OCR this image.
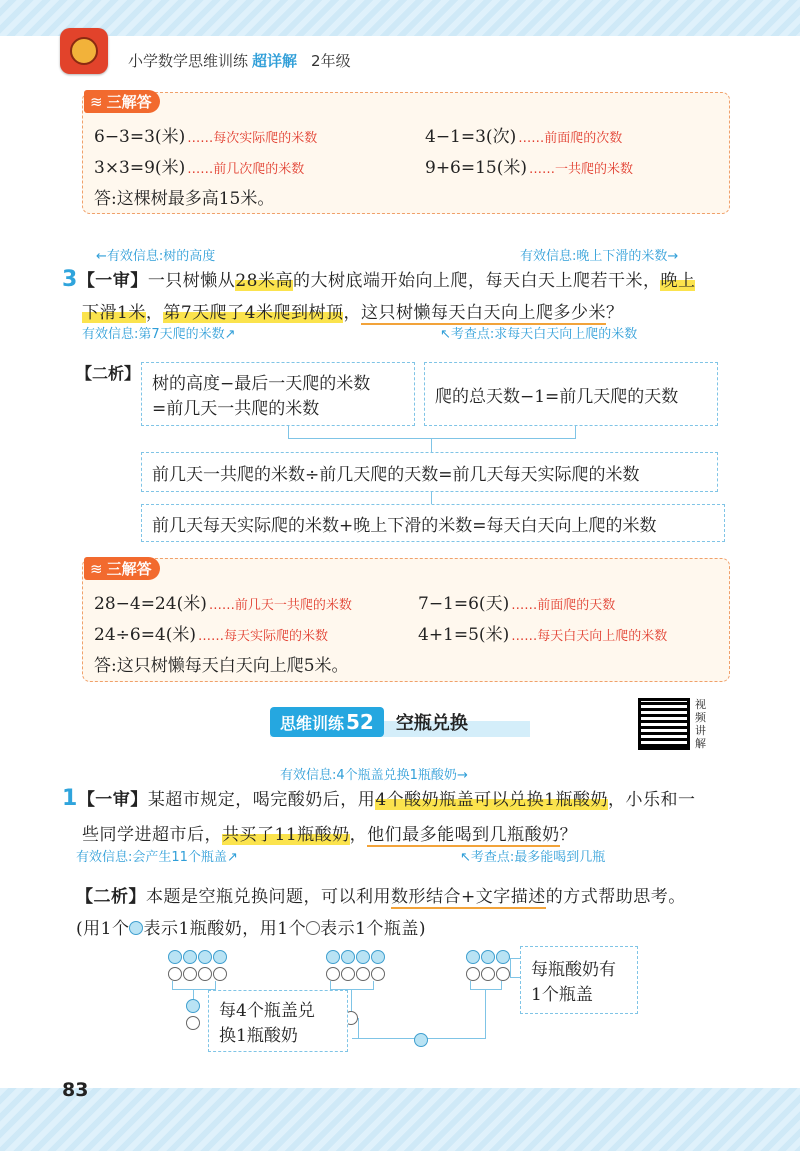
小学数学思维训练 超详解 2年级
≋ 三解答
6−3=3(米) ……每次实际爬的米数	4−1=3(次) ……前面爬的次数
3×3=9(米) ……前几次爬的米数	9+6=15(米) ……一共爬的米数
答:这棵树最多高15米。
←有效信息:树的高度	有效信息:晚上下滑的米数→
3【一审】一只树懒从28米高的大树底端开始向上爬，每天白天上爬若干米，晚上
下滑1米，第7天爬了4米爬到树顶，这只树懒每天白天向上爬多少米？
有效信息:第7天爬的米数↗	↖考查点:求每天白天向上爬的米数
【二析】
树的高度−最后一天爬的米数
=前几天一共爬的米数
爬的总天数−1=前几天爬的天数
前几天一共爬的米数÷前几天爬的天数=前几天每天实际爬的米数
前几天每天实际爬的米数+晚上下滑的米数=每天白天向上爬的米数
≋ 三解答
28−4=24(米) ……前几天一共爬的米数	7−1=6(天) ……前面爬的天数
24÷6=4(米) ……每天实际爬的米数	4+1=5(米) ……每天白天向上爬的米数
答:这只树懒每天白天向上爬5米。
思维训练 52	空瓶兑换
视频讲解
有效信息:4个瓶盖兑换1瓶酸奶→
1【一审】某超市规定，喝完酸奶后，用4个酸奶瓶盖可以兑换1瓶酸奶，小乐和一
些同学进超市后，共买了11瓶酸奶，他们最多能喝到几瓶酸奶？
有效信息:会产生11个瓶盖↗	↖考查点:最多能喝到几瓶
【二析】本题是空瓶兑换问题，可以利用数形结合+文字描述的方式帮助思考。
(用1个 表示1瓶酸奶，用1个 表示1个瓶盖)
每4个瓶盖兑
换1瓶酸奶
每瓶酸奶有
1个瓶盖
83
